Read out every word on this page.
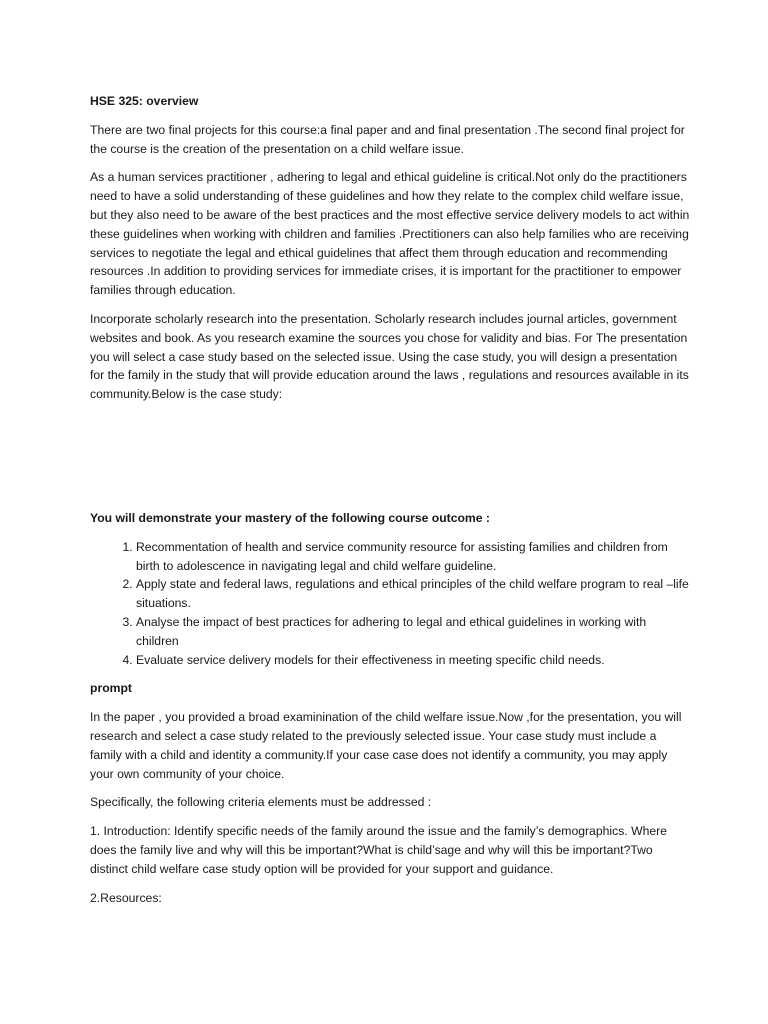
HSE 325: overview

There are two final projects for this course:a final paper and and final presentation .The second final project for the course is the creation of the presentation on a child welfare issue.

As a human services practitioner , adhering to legal and ethical guideline is critical.Not only do the practitioners need to have a solid understanding of these guidelines and how they relate to the complex child welfare issue, but they also need to be aware of the best practices and the most effective service delivery models to act within these guidelines when working with children and families .Prectitioners can also help families who are receiving services to negotiate the legal and ethical guidelines that affect them through education and recommending resources .In addition to providing services for immediate crises, it is important for the practitioner to empower families through education.

Incorporate scholarly research into the presentation. Scholarly research includes journal articles, government websites and book. As you research examine the sources you chose for validity and bias. For The presentation you will select a case study based on the selected issue. Using the case study, you will design a presentation for the family in the study that will provide education around the laws , regulations and resources available in its community.Below is the case study:

You will demonstrate your mastery of the following course outcome :
1. Recommentation of health and service community resource for assisting families and children from birth to adolescence in navigating legal and child welfare guideline.
2. Apply state and federal laws, regulations and ethical principles of the child welfare program to real –life situations.
3. Analyse the impact of best practices for adhering to legal and ethical guidelines in working with children
4. Evaluate service delivery models for their effectiveness in meeting specific child needs.
prompt

In the paper , you provided a broad examinination of the child welfare issue.Now ,for the presentation, you will research and select a case study related to the previously selected issue. Your case study must include a family with a child and identity a community.If your case case does not identify a community, you may apply your own community of your choice.

Specifically, the following criteria elements must be addressed :

1. Introduction: Identify specific needs of the family around the issue and the family’s demographics. Where does the family live and why will this be important?What is child’sage and why will this be important?Two distinct child welfare case study option will be provided for your support and guidance.

2.Resources:
